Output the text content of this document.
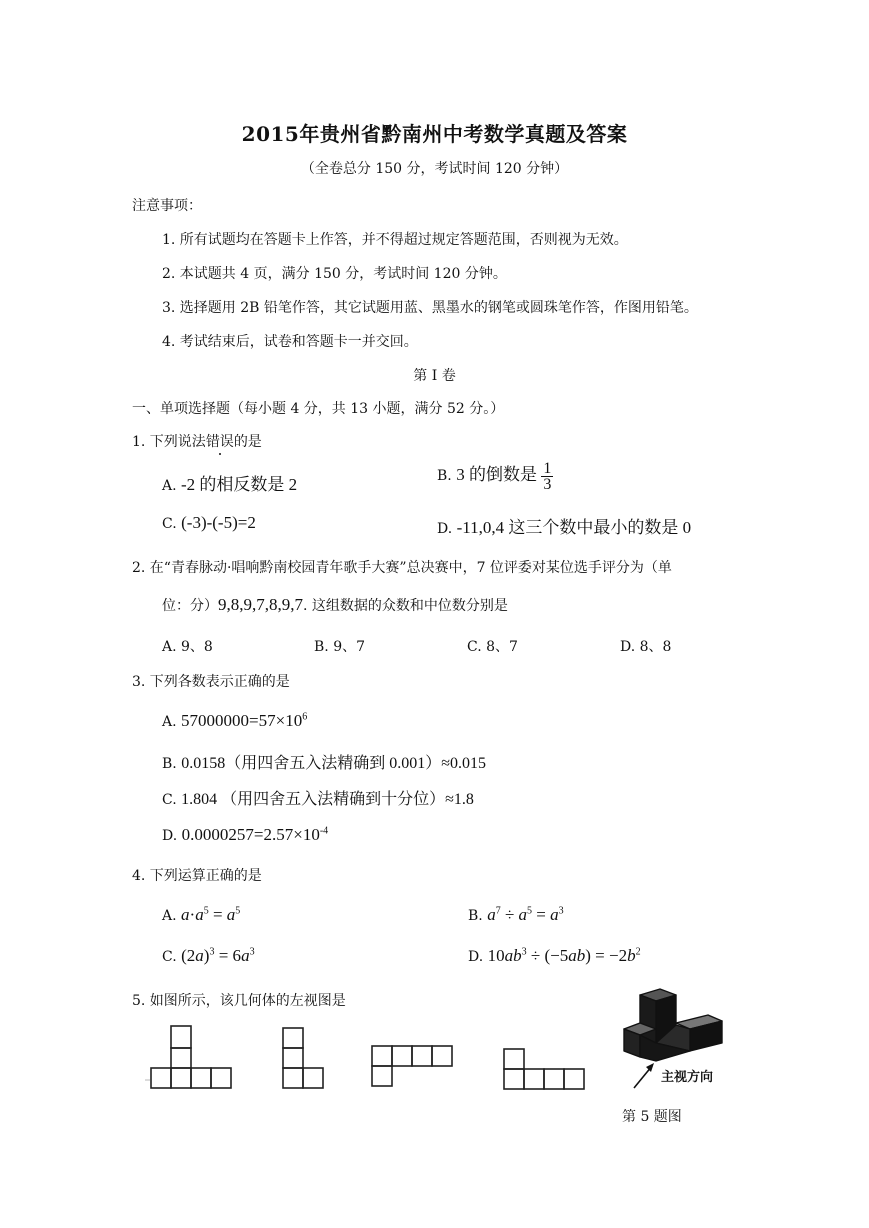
2015年贵州省黔南州中考数学真题及答案
（全卷总分 150 分，考试时间 120 分钟）
注意事项：
1. 所有试题均在答题卡上作答，并不得超过规定答题范围，否则视为无效。
2. 本试题共 4 页，满分 150 分，考试时间 120 分钟。
3. 选择题用 2B 铅笔作答，其它试题用蓝、黑墨水的钢笔或圆珠笔作答，作图用铅笔。
4. 考试结束后，试卷和答题卡一并交回。
第 I 卷
一、单项选择题（每小题 4 分，共 13 小题，满分 52 分。）
1. 下列说法错误的是
A. -2 的相反数是 2	B. 3 的倒数是 $\frac{1}{3}$
C. (-3)-(-5)=2	D. -11,0,4 这三个数中最小的数是 0
2. 在“青春脉动·唱响黔南校园青年歌手大赛”总决赛中，7 位评委对某位选手评分为（单
位：分）9,8,9,7,8,9,7. 这组数据的众数和中位数分别是
A. 9、8	B. 9、7	C. 8、7	D. 8、8
3. 下列各数表示正确的是
A. $57000000=57\times 10^6$
B. 0.0158（用四舍五入法精确到 0.001）≈0.015
C. 1.804 （用四舍五入法精确到十分位）≈1.8
D. $0.0000257=2.57\times 10^{-4}$
4. 下列运算正确的是
A. $a\cdot a^5 = a^5$	B. $a^7 \div a^5 = a^3$
C. $(2a)^3 = 6a^3$	D. $10ab^3 \div (-5ab) = -2b^2$
5. 如图所示，该几何体的左视图是
主视方向
第 5 题图
